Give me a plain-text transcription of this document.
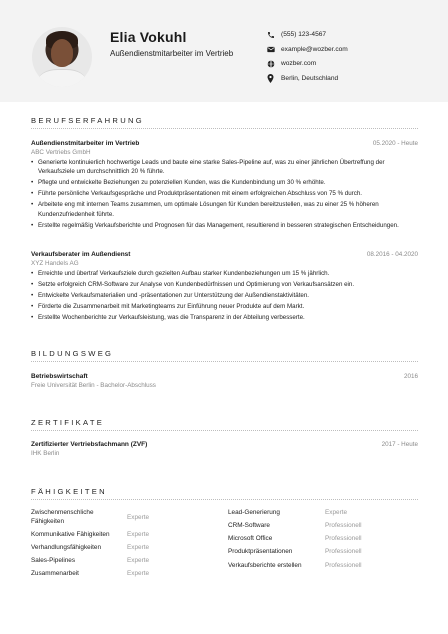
Elia Vokuhl
Außendienstmitarbeiter im Vertrieb
(555) 123-4567
example@wozber.com
wozber.com
Berlin, Deutschland
BERUFSERFAHRUNG
Außendienstmitarbeiter im Vertrieb	05.2020 - Heute
ABC Vertriebs GmbH
• Generierte kontinuierlich hochwertige Leads und baute eine starke Sales-Pipeline auf, was zu einer jährlichen Übertreffung der Verkaufsziele um durchschnittlich 20 % führte.
• Pflegte und entwickelte Beziehungen zu potenziellen Kunden, was die Kundenbindung um 30 % erhöhte.
• Führte persönliche Verkaufsgespräche und Produktpräsentationen mit einem erfolgreichen Abschluss von 75 % durch.
• Arbeitete eng mit internen Teams zusammen, um optimale Lösungen für Kunden bereitzustellen, was zu einer 25 % höheren Kundenzufriedenheit führte.
• Erstellte regelmäßig Verkaufsberichte und Prognosen für das Management, resultierend in besseren strategischen Entscheidungen.
Verkaufsberater im Außendienst	08.2016 - 04.2020
XYZ Handels AG
• Erreichte und übertraf Verkaufsziele durch gezielten Aufbau starker Kundenbeziehungen um 15 % jährlich.
• Setzte erfolgreich CRM-Software zur Analyse von Kundenbedürfnissen und Optimierung von Verkaufsansätzen ein.
• Entwickelte Verkaufsmaterialien und -präsentationen zur Unterstützung der Außendienstaktivitäten.
• Förderte die Zusammenarbeit mit Marketingteams zur Einführung neuer Produkte auf dem Markt.
• Erstellte Wochenberichte zur Verkaufsleistung, was die Transparenz in der Abteilung verbesserte.
BILDUNGSWEG
Betriebswirtschaft	2016
Freie Universität Berlin - Bachelor-Abschluss
ZERTIFIKATE
Zertifizierter Vertriebsfachmann (ZVF)	2017 - Heute
IHK Berlin
FÄHIGKEITEN
Zwischenmenschliche Fähigkeiten	Experte
Kommunikative Fähigkeiten	Experte
Verhandlungsfähigkeiten	Experte
Sales-Pipelines	Experte
Zusammenarbeit	Experte
Lead-Generierung	Experte
CRM-Software	Professionell
Microsoft Office	Professionell
Produktpräsentationen	Professionell
Verkaufsberichte erstellen	Professionell
